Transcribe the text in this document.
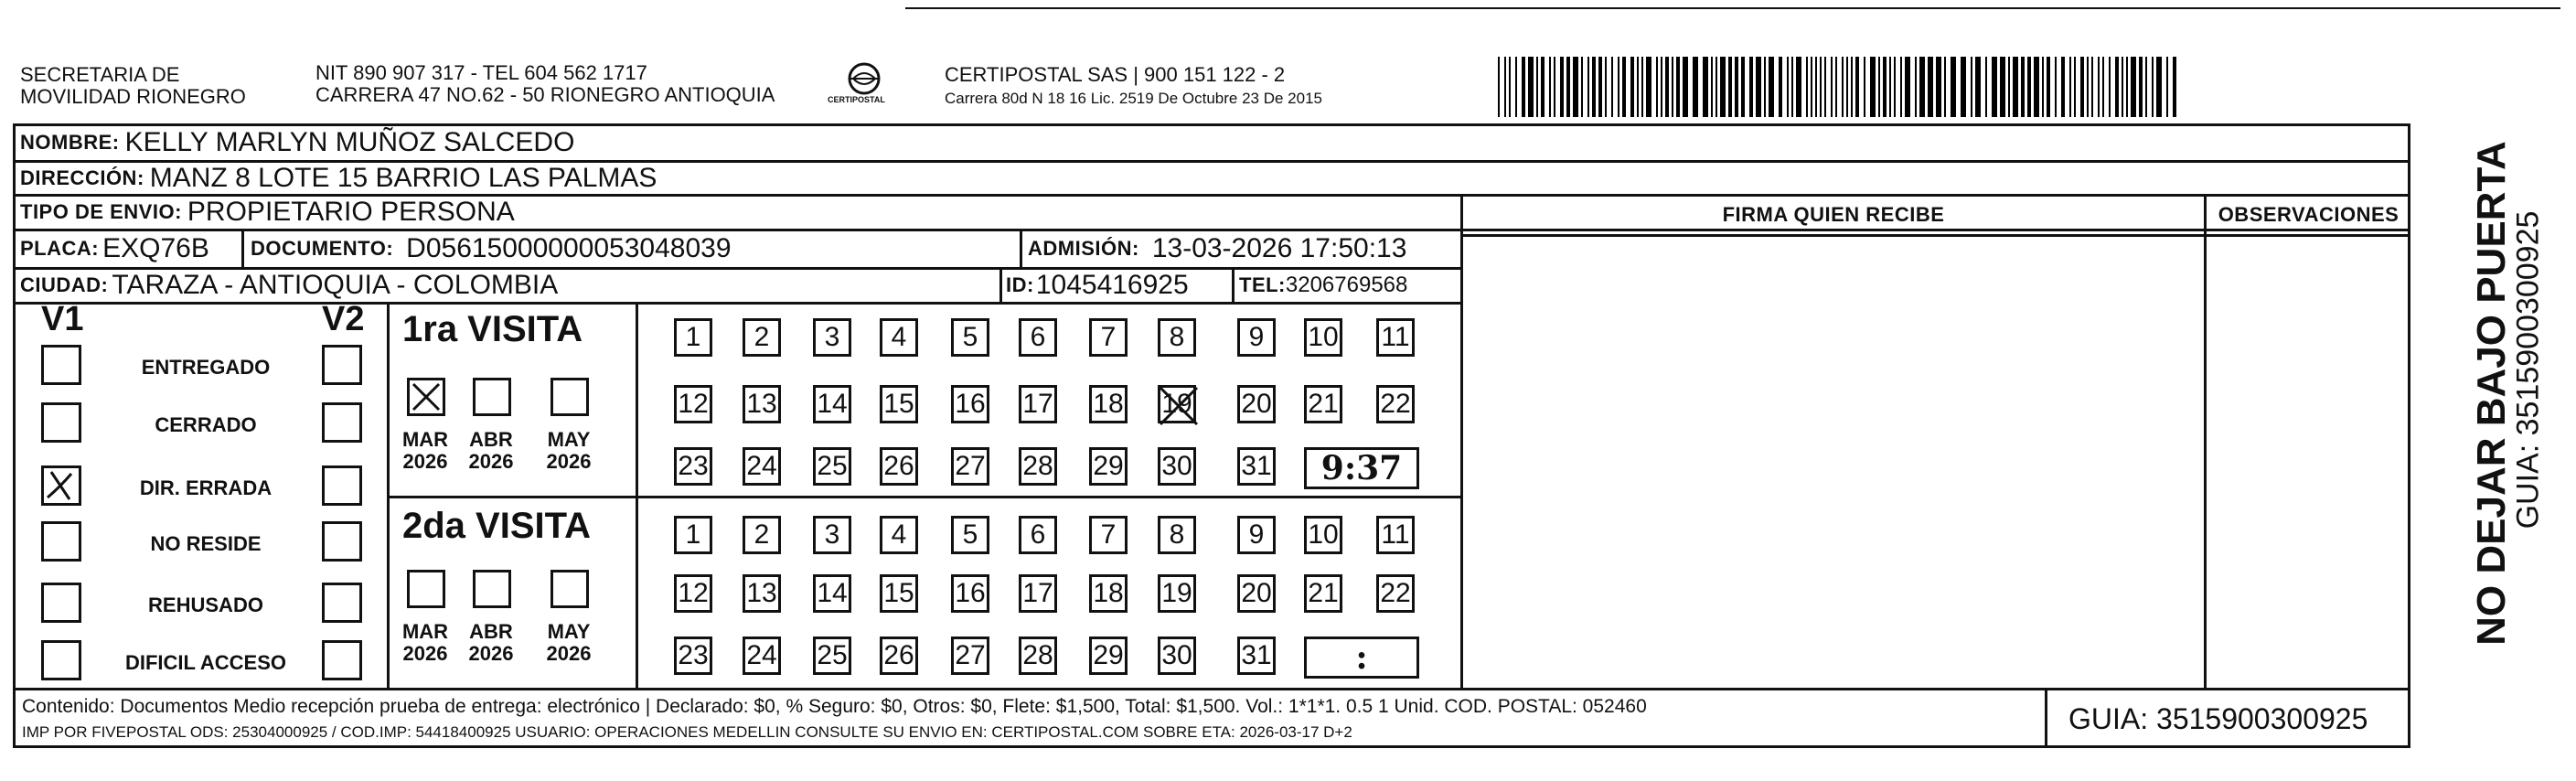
SECRETARIA DE
MOVILIDAD RIONEGRO
NIT 890 907 317 - TEL 604 562 1717
CARRERA 47 NO.62 - 50 RIONEGRO ANTIOQUIA	CERTIPOSTAL
CERTIPOSTAL SAS | 900 151 122 - 2
Carrera 80d N 18 16 Lic. 2519 De Octubre 23 De 2015
NOMBRE: KELLY MARLYN MUÑOZ SALCEDO
DIRECCIÓN: MANZ 8 LOTE 15 BARRIO LAS PALMAS
TIPO DE ENVIO: PROPIETARIO PERSONA	FIRMA QUIEN RECIBE	OBSERVACIONES
PLACA: EXQ76B DOCUMENTO: D05615000000053048039	ADMISIÓN: 13-03-2026 17:50:13
CIUDAD: TARAZA - ANTIOQUIA - COLOMBIA	ID: 1045416925	TEL: 3206769568
V1	V2
ENTREGADO
CERRADO
DIR. ERRADA
NO RESIDE
REHUSADO
DIFICIL ACCESO
1ra VISITA
2da VISITA
MAR
2026
ABR
2026
MAY
2026
MAR
2026
ABR
2026
MAY
2026
1 2 3 4 5 6 7 8 9 10 11
12 13 14 15 16 17 18 19 20 21 22
23 24 25 26 27 28 29 30 31 9:37
1 2 3 4 5 6 7 8 9 10 11
12 13 14 15 16 17 18 19 20 21 22
23 24 25 26 27 28 29 30 31	:
Contenido: Documentos Medio recepción prueba de entrega: electrónico | Declarado: $0, % Seguro: $0, Otros: $0, Flete: $1,500, Total: $1,500. Vol.: 1*1*1. 0.5 1 Unid. COD. POSTAL: 052460
IMP POR FIVEPOSTAL ODS: 25304000925 / COD.IMP: 54418400925 USUARIO: OPERACIONES MEDELLIN CONSULTE SU ENVIO EN: CERTIPOSTAL.COM SOBRE ETA: 2026-03-17 D+2	GUIA: 3515900300925
NO DEJAR BAJO PUERTA
GUIA: 3515900300925
